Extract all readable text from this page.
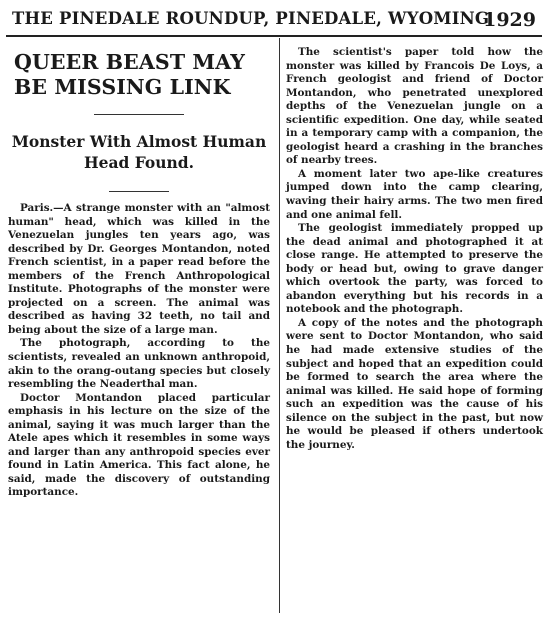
THE PINEDALE ROUNDUP, PINEDALE, WYOMING
1929
QUEER BEAST MAY
BE MISSING LINK
Monster With Almost Human
Head Found.

Paris.—A strange monster with an "almost human" head, which was killed in the Venezuelan jungles ten years ago, was described by Dr. Georges Montandon, noted French scientist, in a paper read before the members of the French Anthropological Institute. Photographs of the monster were projected on a screen. The animal was described as having 32 teeth, no tail and being about the size of a large man.

The photograph, according to the scientists, revealed an unknown anthropoid, akin to the orang-outang species but closely resembling the Neaderthal man.

Doctor Montandon placed particular emphasis in his lecture on the size of the animal, saying it was much larger than the Atele apes which it resembles in some ways and larger than any anthropoid species ever found in Latin America. This fact alone, he said, made the discovery of outstanding importance.

The scientist's paper told how the monster was killed by Francois De Loys, a French geologist and friend of Doctor Montandon, who penetrated unexplored depths of the Venezuelan jungle on a scientific expedition. One day, while seated in a temporary camp with a companion, the geologist heard a crashing in the branches of nearby trees.

A moment later two ape-like creatures jumped down into the camp clearing, waving their hairy arms. The two men fired and one animal fell.

The geologist immediately propped up the dead animal and photographed it at close range. He attempted to preserve the body or head but, owing to grave danger which overtook the party, was forced to abandon everything but his records in a notebook and the photograph.

A copy of the notes and the photograph were sent to Doctor Montandon, who said he had made extensive studies of the subject and hoped that an expedition could be formed to search the area where the animal was killed. He said hope of forming such an expedition was the cause of his silence on the subject in the past, but now he would be pleased if others undertook the journey.
